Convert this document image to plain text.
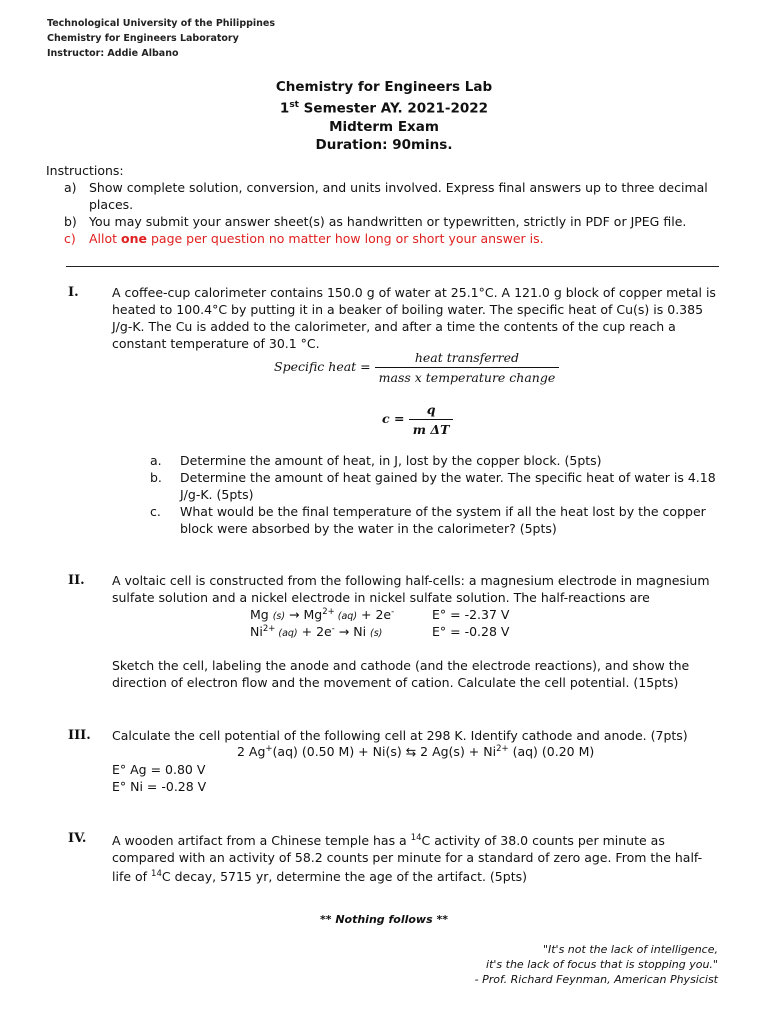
Technological University of the Philippines
Chemistry for Engineers Laboratory
Instructor: Addie Albano
Chemistry for Engineers Lab
1st Semester AY. 2021-2022
Midterm Exam
Duration: 90mins.
Instructions:
a) Show complete solution, conversion, and units involved. Express final answers up to three decimal places.
b) You may submit your answer sheet(s) as handwritten or typewritten, strictly in PDF or JPEG file.
c) Allot one page per question no matter how long or short your answer is.
I.	A coffee-cup calorimeter contains 150.0 g of water at 25.1°C. A 121.0 g block of copper metal is heated to 100.4°C by putting it in a beaker of boiling water. The specific heat of Cu(s) is 0.385 J/g-K. The Cu is added to the calorimeter, and after a time the contents of the cup reach a constant temperature of 30.1 °C.
Specific heat = $\frac{\text{heat transferred}}{\text{mass x temperature change}}$
$c = \frac{q}{\text{m ΔT}}$
a. Determine the amount of heat, in J, lost by the copper block. (5pts)
b. Determine the amount of heat gained by the water. The specific heat of water is 4.18 J/g-K. (5pts)
c. What would be the final temperature of the system if all the heat lost by the copper block were absorbed by the water in the calorimeter? (5pts)
II. A voltaic cell is constructed from the following half-cells: a magnesium electrode in magnesium sulfate solution and a nickel electrode in nickel sulfate solution. The half-reactions are
Mg $(s) \to Mg^{2+}$ (aq) + 2e-	E° = -2.37 V
$Ni^{2+}$ (aq) + 2e- → Ni (s)	E° = -0.28 V
Sketch the cell, labeling the anode and cathode (and the electrode reactions), and show the direction of electron flow and the movement of cation. Calculate the cell potential. (15pts)
III. Calculate the cell potential of the following cell at 298 K. Identify cathode and anode. (7pts)
2 Ag+(aq) (0.50 M) + Ni(s) ⇆ 2 $Ag(s) + Ni^{2+}$ (aq) (0.20 M)
E° Ag = 0.80 V
E° Ni = -0.28 V
IV. A wooden artifact from a Chinese temple has a $^{14}$C activity of 38.0 counts per minute as compared with an activity of 58.2 counts per minute for a standard of zero age. From the half-life of $^{14}$C decay, 5715 yr, determine the age of the artifact. (5pts)
** Nothing follows **
"It's not the lack of intelligence,
it's the lack of focus that is stopping you."
- Prof. Richard Feynman, American Physicist
